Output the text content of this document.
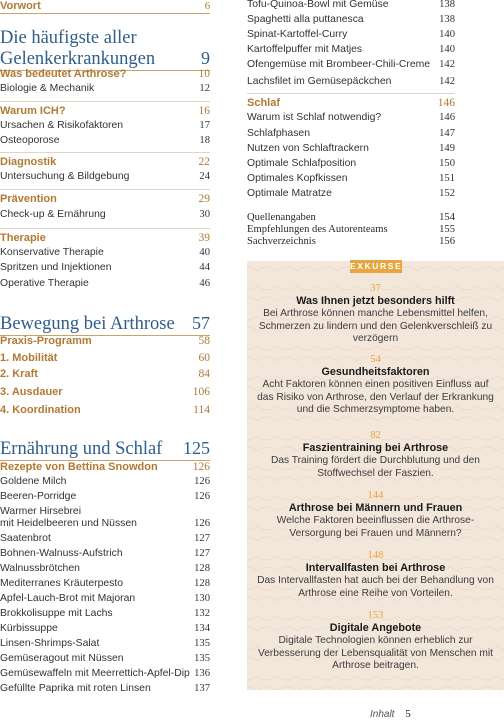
Vorwort	6
Die häufigste aller
Gelenkerkrankungen	9
Was bedeutet Arthrose?	10
Biologie & Mechanik	12
Warum ICH?	16
Ursachen & Risikofaktoren	17
Osteoporose	18
Diagnostik	22
Untersuchung & Bildgebung	24
Prävention	29
Check-up & Ernährung	30
Therapie	39
Konservative Therapie	40
Spritzen und Injektionen	44
Operative Therapie	46
Bewegung bei Arthrose 57
Praxis-Programm	58
1. Mobilität	60
2. Kraft	84
3. Ausdauer	106
4. Koordination	114
Ernährung und Schlaf 125
Rezepte von Bettina Snowdon	126
Goldene Milch	126
Beeren-Porridge	126
Warmer Hirsebrei
mit Heidelbeeren und Nüssen	126
Saatenbrot	127
Bohnen-Walnuss-Aufstrich	127
Walnussbrötchen	128
Mediterranes Kräuterpesto	128
Apfel-Lauch-Brot mit Majoran	130
Brokkolisuppe mit Lachs	132
Kürbissuppe	134
Linsen-Shrimps-Salat	135
Gemüseragout mit Nüssen	135
Gemüsewaffeln mit Meerrettich-Apfel-Dip 136
Gefüllte Paprika mit roten Linsen	137
Tofu-Quinoa-Bowl mit Gemüse	138
Spaghetti alla puttanesca	138
Spinat-Kartoffel-Curry	140
Kartoffelpuffer mit Matjes	140
Ofengemüse mit Brombeer-Chili-Creme 142
Lachsfilet im Gemüsepäckchen	142
Schlaf	146
Warum ist Schlaf notwendig?	146
Schlafphasen	147
Nutzen von Schlaftrackern	149
Optimale Schlafposition	150
Optimales Kopfkissen	151
Optimale Matratze	152
Quellenangaben	154
Empfehlungen des Autorenteams	155
Sachverzeichnis	156
EXKURSE
37
Was Ihnen jetzt besonders hilft
Bei Arthrose können manche Lebensmittel helfen, Schmerzen zu lindern und den Gelenkverschleiß zu verzögern
54
Gesundheitsfaktoren
Acht Faktoren können einen positiven Einfluss auf das Risiko von Arthrose, den Verlauf der Erkrankung und die Schmerzsymptome haben.
82
Faszientraining bei Arthrose
Das Training fördert die Durchblutung und den Stoffwechsel der Faszien.
144
Arthrose bei Männern und Frauen
Welche Faktoren beeinflussen die Arthrose-Versorgung bei Frauen und Männern?
148
Intervallfasten bei Arthrose
Das Intervallfasten hat auch bei der Behandlung von Arthrose eine Reihe von Vorteilen.
153
Digitale Angebote
Digitale Technologien können erheblich zur Verbesserung der Lebensqualität von Menschen mit Arthrose beitragen.
Inhalt 5
